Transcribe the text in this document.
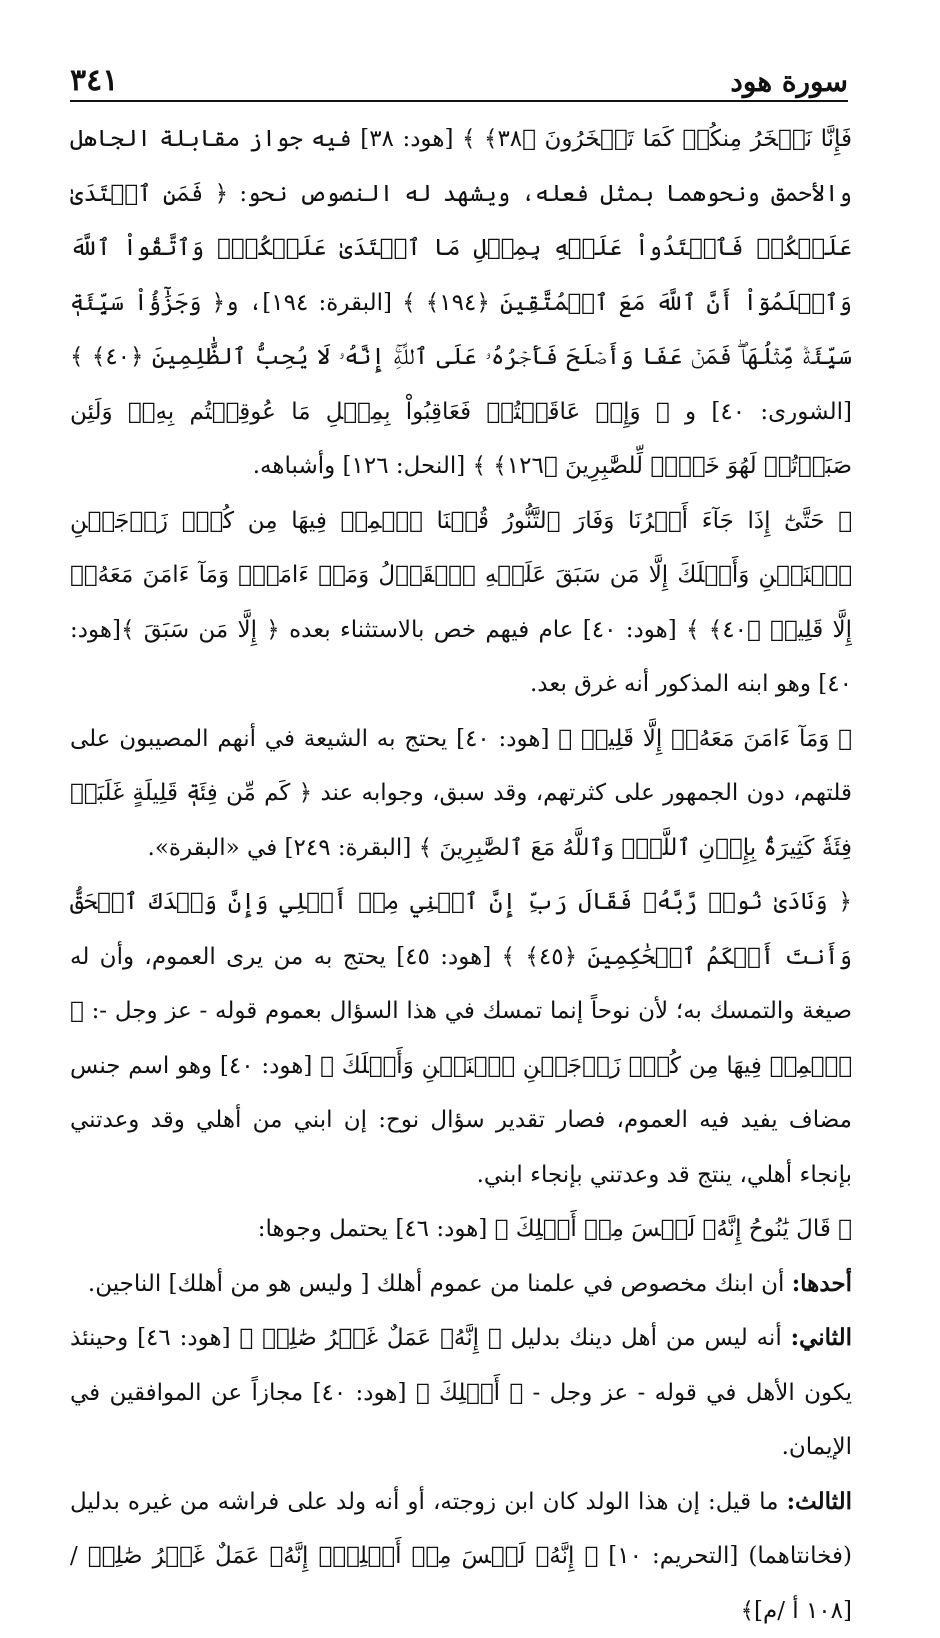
سورة هود
٣٤١

فَإِنَّا نَسۡخَرُ مِنكُمۡ كَمَا تَسۡخَرُونَ ﴿٣٨﴾ ﴾ [هود: ٣٨] فيه جواز مقابلة الجاهل والأحمق ونحوهما بمثل فعله، ويشهد له النصوص نحو: ﴿ فَمَنِ ٱعۡتَدَىٰ عَلَيۡكُمۡ فَٱعۡتَدُواْ عَلَيۡهِ بِمِثۡلِ مَا ٱعۡتَدَىٰ عَلَيۡكُمۡۚ وَٱتَّقُواْ ٱللَّهَ وَٱعۡلَمُوٓاْ أَنَّ ٱللَّهَ مَعَ ٱلۡمُتَّقِينَ ﴿١٩٤﴾ ﴾ [البقرة: ١٩٤]، و﴿ وَجَزَٰٓؤُاْ سَيِّئَةٖ سَيِّئَةٞ مِّثۡلُهَاۖ فَمَنۡ عَفَا وَأَصۡلَحَ فَأَجۡرُهُۥ عَلَى ٱللَّهِۚ إِنَّهُۥ لَا يُحِبُّ ٱلظَّٰلِمِينَ ﴿٤٠﴾ ﴾ [الشورى: ٤٠] و ﴿ وَإِنۡ عَاقَبۡتُمۡ فَعَاقِبُواْ بِمِثۡلِ مَا عُوقِبۡتُم بِهِۦۖ وَلَئِن صَبَرۡتُمۡ لَهُوَ خَيۡرٞ لِّلصَّٰبِرِينَ ﴿١٢٦﴾ ﴾ [النحل: ١٢٦] وأشباهه.

﴿ حَتَّىٰٓ إِذَا جَآءَ أَمۡرُنَا وَفَارَ ٱلتَّنُّورُ قُلۡنَا ٱحۡمِلۡ فِيهَا مِن كُلّٖ زَوۡجَيۡنِ ٱثۡنَيۡنِ وَأَهۡلَكَ إِلَّا مَن سَبَقَ عَلَيۡهِ ٱلۡقَوۡلُ وَمَنۡ ءَامَنَۚ وَمَآ ءَامَنَ مَعَهُۥٓ إِلَّا قَلِيلٞ ﴿٤٠﴾ ﴾ [هود: ٤٠] عام فيهم خص بالاستثناء بعده ﴿ إِلَّا مَن سَبَقَ ﴾[هود: ٤٠] وهو ابنه المذكور أنه غرق بعد.

﴿ وَمَآ ءَامَنَ مَعَهُۥٓ إِلَّا قَلِيلٞ ﴾ [هود: ٤٠] يحتج به الشيعة في أنهم المصيبون على قلتهم، دون الجمهور على كثرتهم، وقد سبق، وجوابه عند ﴿ كَم مِّن فِئَةٖ قَلِيلَةٍ غَلَبَتۡ فِئَةٗ كَثِيرَةَۢ بِإِذۡنِ ٱللَّهِۗ وَٱللَّهُ مَعَ ٱلصَّٰبِرِينَ ﴾ [البقرة: ٢٤٩] في «البقرة».

﴿ وَنَادَىٰ نُوحٞ رَّبَّهُۥ فَقَالَ رَبِّ إِنَّ ٱبۡنِي مِنۡ أَهۡلِي وَإِنَّ وَعۡدَكَ ٱلۡحَقُّ وَأَنتَ أَحۡكَمُ ٱلۡحَٰكِمِينَ ﴿٤٥﴾ ﴾ [هود: ٤٥] يحتج به من يرى العموم، وأن له صيغة والتمسك به؛ لأن نوحاً إنما تمسك في هذا السؤال بعموم قوله - عز وجل -: ﴿ ٱحۡمِلۡ فِيهَا مِن كُلّٖ زَوۡجَيۡنِ ٱثۡنَيۡنِ وَأَهۡلَكَ ﴾ [هود: ٤٠] وهو اسم جنس مضاف يفيد فيه العموم، فصار تقدير سؤال نوح: إن ابني من أهلي وقد وعدتني بإنجاء أهلي، ينتج قد وعدتني بإنجاء ابني.

﴿ قَالَ يَٰنُوحُ إِنَّهُۥ لَيۡسَ مِنۡ أَهۡلِكَ ﴾ [هود: ٤٦] يحتمل وجوها:

أحدها: أن ابنك مخصوص في علمنا من عموم أهلك [ وليس هو من أهلك] الناجين.

الثاني: أنه ليس من أهل دينك بدليل ﴿ إِنَّهُۥ عَمَلٌ غَيۡرُ صَٰلِحٖ ﴾ [هود: ٤٦] وحينئذ يكون الأهل في قوله - عز وجل - ﴿ أَهۡلِكَ ﴾ [هود: ٤٠] مجازاً عن الموافقين في الإيمان.

الثالث: ما قيل: إن هذا الولد كان ابن زوجته، أو أنه ولد على فراشه من غيره بدليل (فخانتاهما) [التحريم: ١٠] ﴿ إِنَّهُۥ لَيۡسَ مِنۡ أَهۡلِكَۖ إِنَّهُۥ عَمَلٌ غَيۡرُ صَٰلِحٖ / [١٠٨ أ /م]﴾
